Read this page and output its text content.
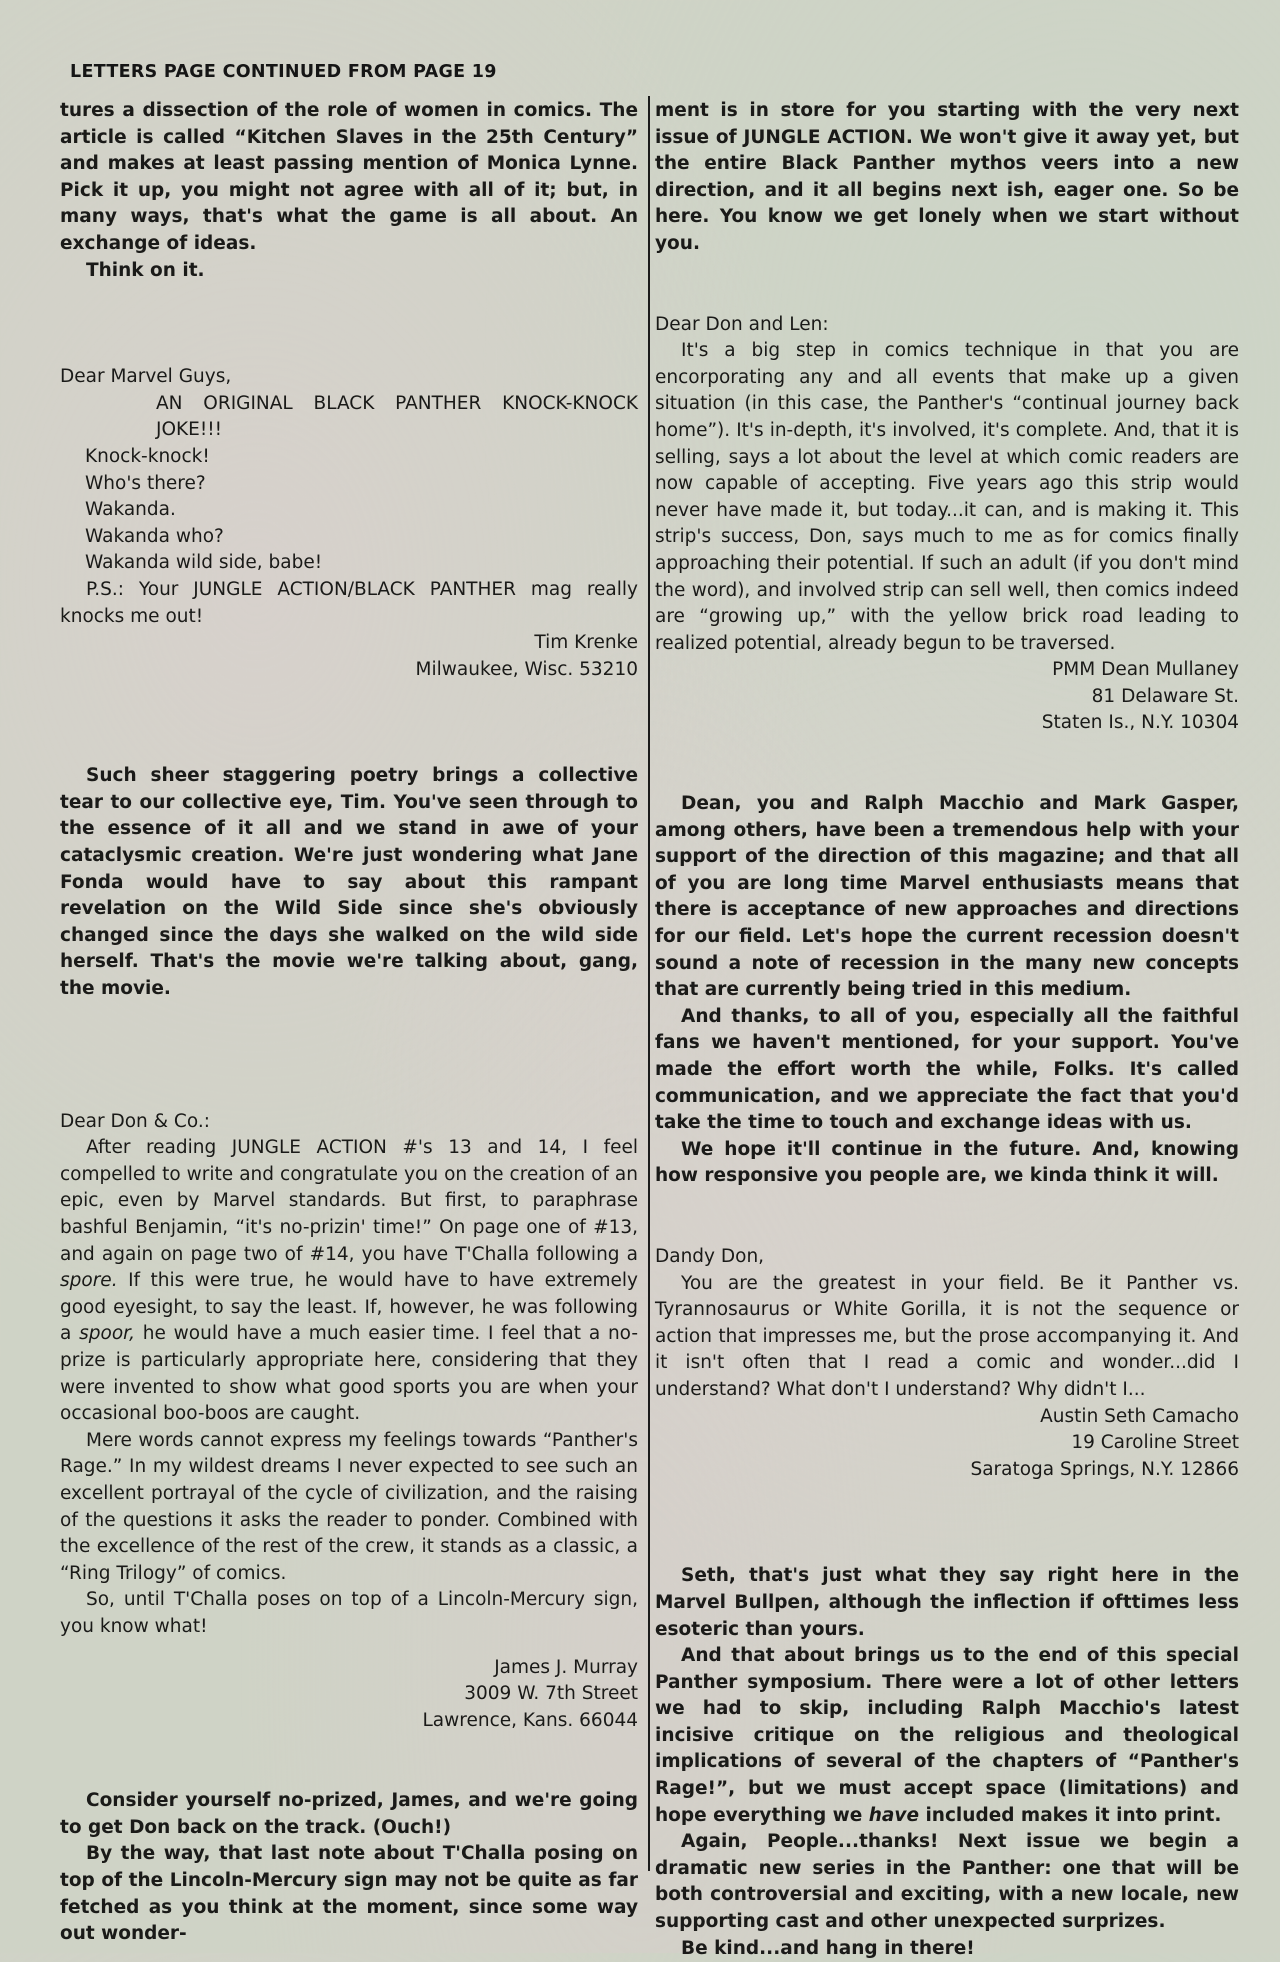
LETTERS PAGE CONTINUED FROM PAGE 19

tures a dissection of the role of women in comics. The article is called “Kitchen Slaves in the 25th Century” and makes at least passing mention of Monica Lynne. Pick it up, you might not agree with all of it; but, in many ways, that's what the game is all about. An exchange of ideas.

Think on it.

Dear Marvel Guys,

AN ORIGINAL BLACK PANTHER KNOCK-KNOCK JOKE!!!

Knock-knock!

Who's there?

Wakanda.

Wakanda who?

Wakanda wild side, babe!

P.S.: Your JUNGLE ACTION/BLACK PANTHER mag really knocks me out!

Tim Krenke

Milwaukee, Wisc. 53210

Such sheer staggering poetry brings a collective tear to our collective eye, Tim. You've seen through to the essence of it all and we stand in awe of your cataclysmic creation. We're just wondering what Jane Fonda would have to say about this rampant revelation on the Wild Side since she's obviously changed since the days she walked on the wild side herself. That's the movie we're talking about, gang, the movie.

Dear Don & Co.:

After reading JUNGLE ACTION #'s 13 and 14, I feel compelled to write and congratulate you on the creation of an epic, even by Marvel standards. But first, to paraphrase bashful Benjamin, “it's no-prizin' time!” On page one of #13, and again on page two of #14, you have T'Challa following a spore. If this were true, he would have to have extremely good eyesight, to say the least. If, however, he was following a spoor, he would have a much easier time. I feel that a no-prize is particularly appropriate here, considering that they were invented to show what good sports you are when your occasional boo-boos are caught.

Mere words cannot express my feelings towards “Panther's Rage.” In my wildest dreams I never expected to see such an excellent portrayal of the cycle of civilization, and the raising of the questions it asks the reader to ponder. Combined with the excellence of the rest of the crew, it stands as a classic, a “Ring Trilogy” of comics.

So, until T'Challa poses on top of a Lincoln-Mercury sign, you know what!

James J. Murray

3009 W. 7th Street

Lawrence, Kans. 66044

Consider yourself no-prized, James, and we're going to get Don back on the track. (Ouch!)

By the way, that last note about T'Challa posing on top of the Lincoln-Mercury sign may not be quite as far fetched as you think at the moment, since some way out wonder-

ment is in store for you starting with the very next issue of JUNGLE ACTION. We won't give it away yet, but the entire Black Panther mythos veers into a new direction, and it all begins next ish, eager one. So be here. You know we get lonely when we start without you.

Dear Don and Len:

It's a big step in comics technique in that you are encorporating any and all events that make up a given situation (in this case, the Panther's “continual journey back home”). It's in-depth, it's involved, it's complete. And, that it is selling, says a lot about the level at which comic readers are now capable of accepting. Five years ago this strip would never have made it, but today...it can, and is making it. This strip's success, Don, says much to me as for comics finally approaching their potential. If such an adult (if you don't mind the word), and involved strip can sell well, then comics indeed are “growing up,” with the yellow brick road leading to realized potential, already begun to be traversed.

PMM Dean Mullaney

81 Delaware St.

Staten Is., N.Y. 10304

Dean, you and Ralph Macchio and Mark Gasper, among others, have been a tremendous help with your support of the direction of this magazine; and that all of you are long time Marvel enthusiasts means that there is acceptance of new approaches and directions for our field. Let's hope the current recession doesn't sound a note of recession in the many new concepts that are currently being tried in this medium.

And thanks, to all of you, especially all the faithful fans we haven't mentioned, for your support. You've made the effort worth the while, Folks. It's called communication, and we appreciate the fact that you'd take the time to touch and exchange ideas with us.

We hope it'll continue in the future. And, knowing how responsive you people are, we kinda think it will.

Dandy Don,

You are the greatest in your field. Be it Panther vs. Tyrannosaurus or White Gorilla, it is not the sequence or action that impresses me, but the prose accompanying it. And it isn't often that I read a comic and wonder...did I understand? What don't I understand? Why didn't I...

Austin Seth Camacho

19 Caroline Street

Saratoga Springs, N.Y. 12866

Seth, that's just what they say right here in the Marvel Bullpen, although the inflection if ofttimes less esoteric than yours.

And that about brings us to the end of this special Panther symposium. There were a lot of other letters we had to skip, including Ralph Macchio's latest incisive critique on the religious and theological implications of several of the chapters of “Panther's Rage!”, but we must accept space (limitations) and hope everything we have included makes it into print.

Again, People...thanks! Next issue we begin a dramatic new series in the Panther: one that will be both controversial and exciting, with a new locale, new supporting cast and other unexpected surprizes.

Be kind...and hang in there!
